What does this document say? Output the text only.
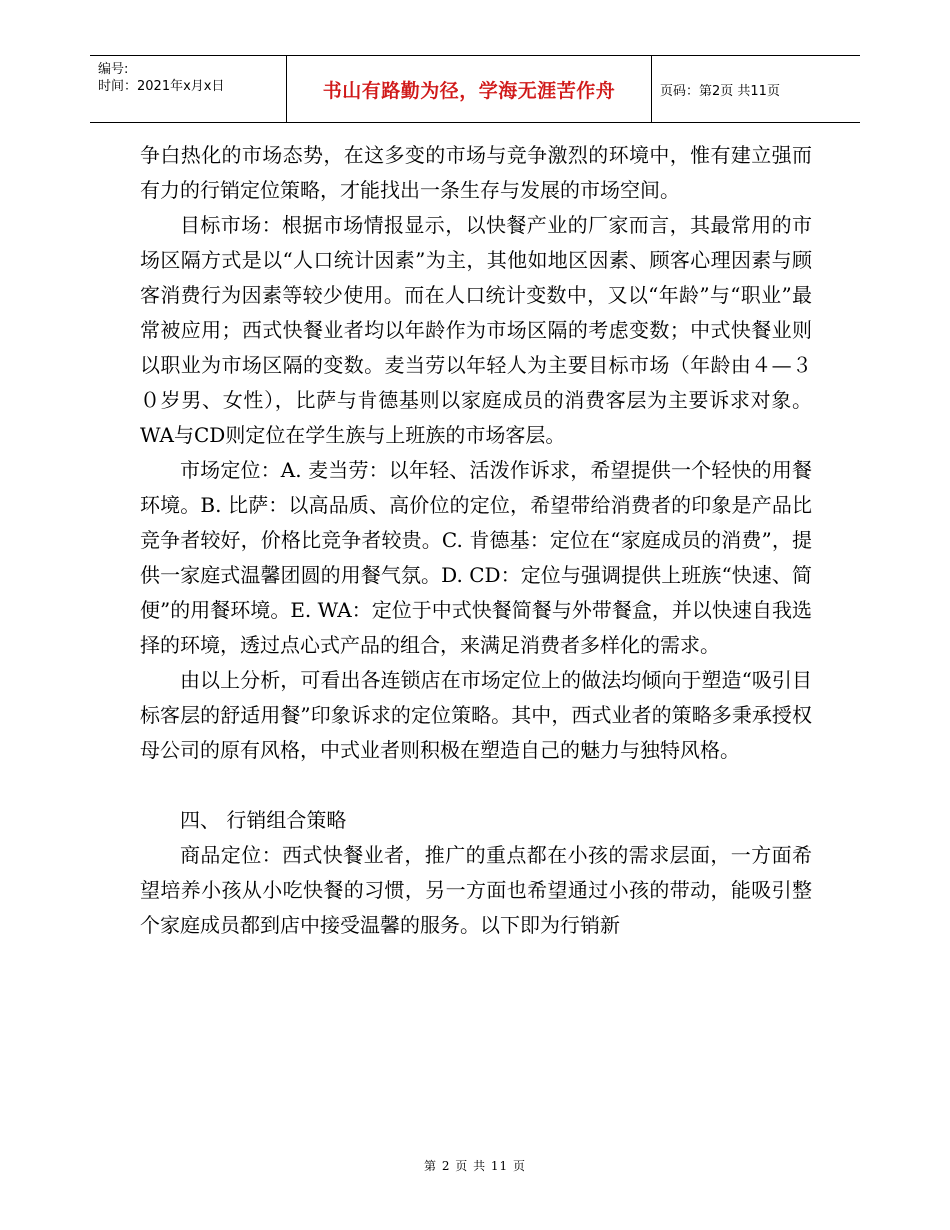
编号:
时间：2021年x月x日	书山有路勤为径，学海无涯苦作舟	页码：第2页 共11页

争白热化的市场态势，在这多变的市场与竞争激烈的环境中，惟有建立强而有力的行销定位策略，才能找出一条生存与发展的市场空间。

目标市场：根据市场情报显示，以快餐产业的厂家而言，其最常用的市场区隔方式是以“人口统计因素”为主，其他如地区因素、顾客心理因素与顾客消费行为因素等较少使用。而在人口统计变数中，又以“年龄”与“职业”最常被应用；西式快餐业者均以年龄作为市场区隔的考虑变数；中式快餐业则以职业为市场区隔的变数。麦当劳以年轻人为主要目标市场（年龄由４—３０岁男、女性），比萨与肯德基则以家庭成员的消费客层为主要诉求对象。WA与CD则定位在学生族与上班族的市场客层。

市场定位：A. 麦当劳：以年轻、活泼作诉求，希望提供一个轻快的用餐环境。B. 比萨：以高品质、高价位的定位，希望带给消费者的印象是产品比竞争者较好，价格比竞争者较贵。C. 肯德基：定位在“家庭成员的消费”，提供一家庭式温馨团圆的用餐气氛。D. CD：定位与强调提供上班族“快速、简便”的用餐环境。E. WA：定位于中式快餐简餐与外带餐盒，并以快速自我选择的环境，透过点心式产品的组合，来满足消费者多样化的需求。

由以上分析，可看出各连锁店在市场定位上的做法均倾向于塑造“吸引目标客层的舒适用餐”印象诉求的定位策略。其中，西式业者的策略多秉承授权母公司的原有风格，中式业者则积极在塑造自己的魅力与独特风格。

四、 行销组合策略

商品定位：西式快餐业者，推广的重点都在小孩的需求层面，一方面希望培养小孩从小吃快餐的习惯，另一方面也希望通过小孩的带动，能吸引整个家庭成员都到店中接受温馨的服务。以下即为行销新

第 2 页 共 11 页
